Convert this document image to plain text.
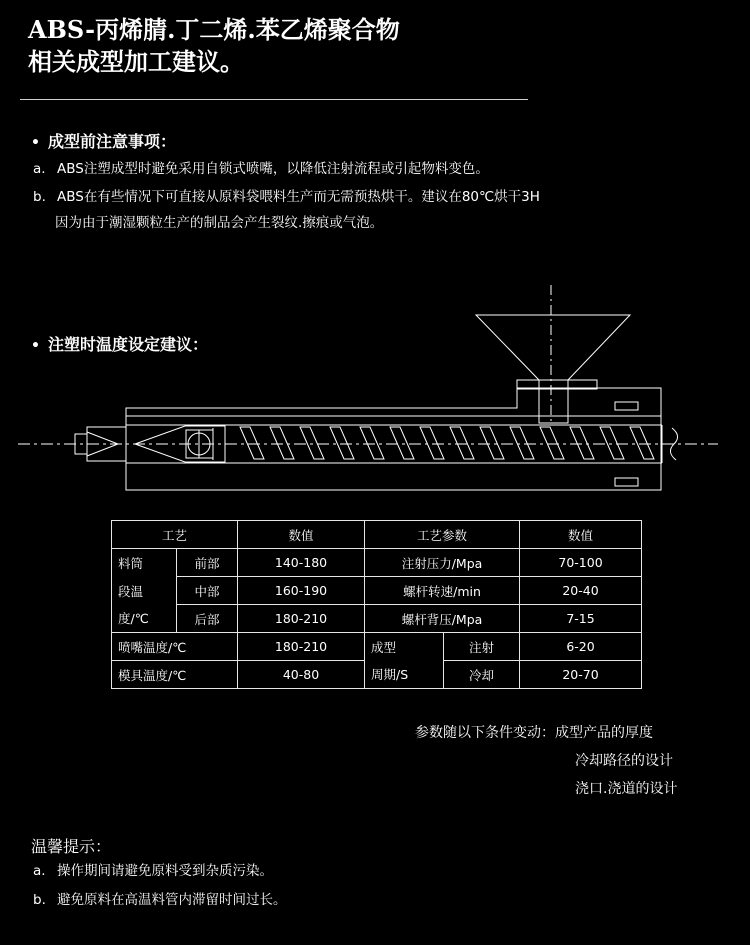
ABS-丙烯腈.丁二烯.苯乙烯聚合物
相关成型加工建议。
• 成型前注意事项：
a. ABS注塑成型时避免采用自锁式喷嘴，以降低注射流程或引起物料变色。
b. ABS在有些情况下可直接从原料袋喂料生产而无需预热烘干。建议在80℃烘干3H
因为由于潮湿颗粒生产的制品会产生裂纹.擦痕或气泡。
• 注塑时温度设定建议：
工艺		数值	工艺参数		数值
料筒	前部	140-180	注射压力/Mpa		70-100
段温	中部	160-190	螺杆转速/min		20-40
度/℃	后部	180-210	螺杆背压/Mpa		7-15
喷嘴温度/℃		180-210	成型	注射	6-20
模具温度/℃		40-80	周期/S	冷却	20-70
参数随以下条件变动：成型产品的厚度
冷却路径的设计
浇口.浇道的设计
温馨提示：
a. 操作期间请避免原料受到杂质污染。
b. 避免原料在高温料管内滞留时间过长。
